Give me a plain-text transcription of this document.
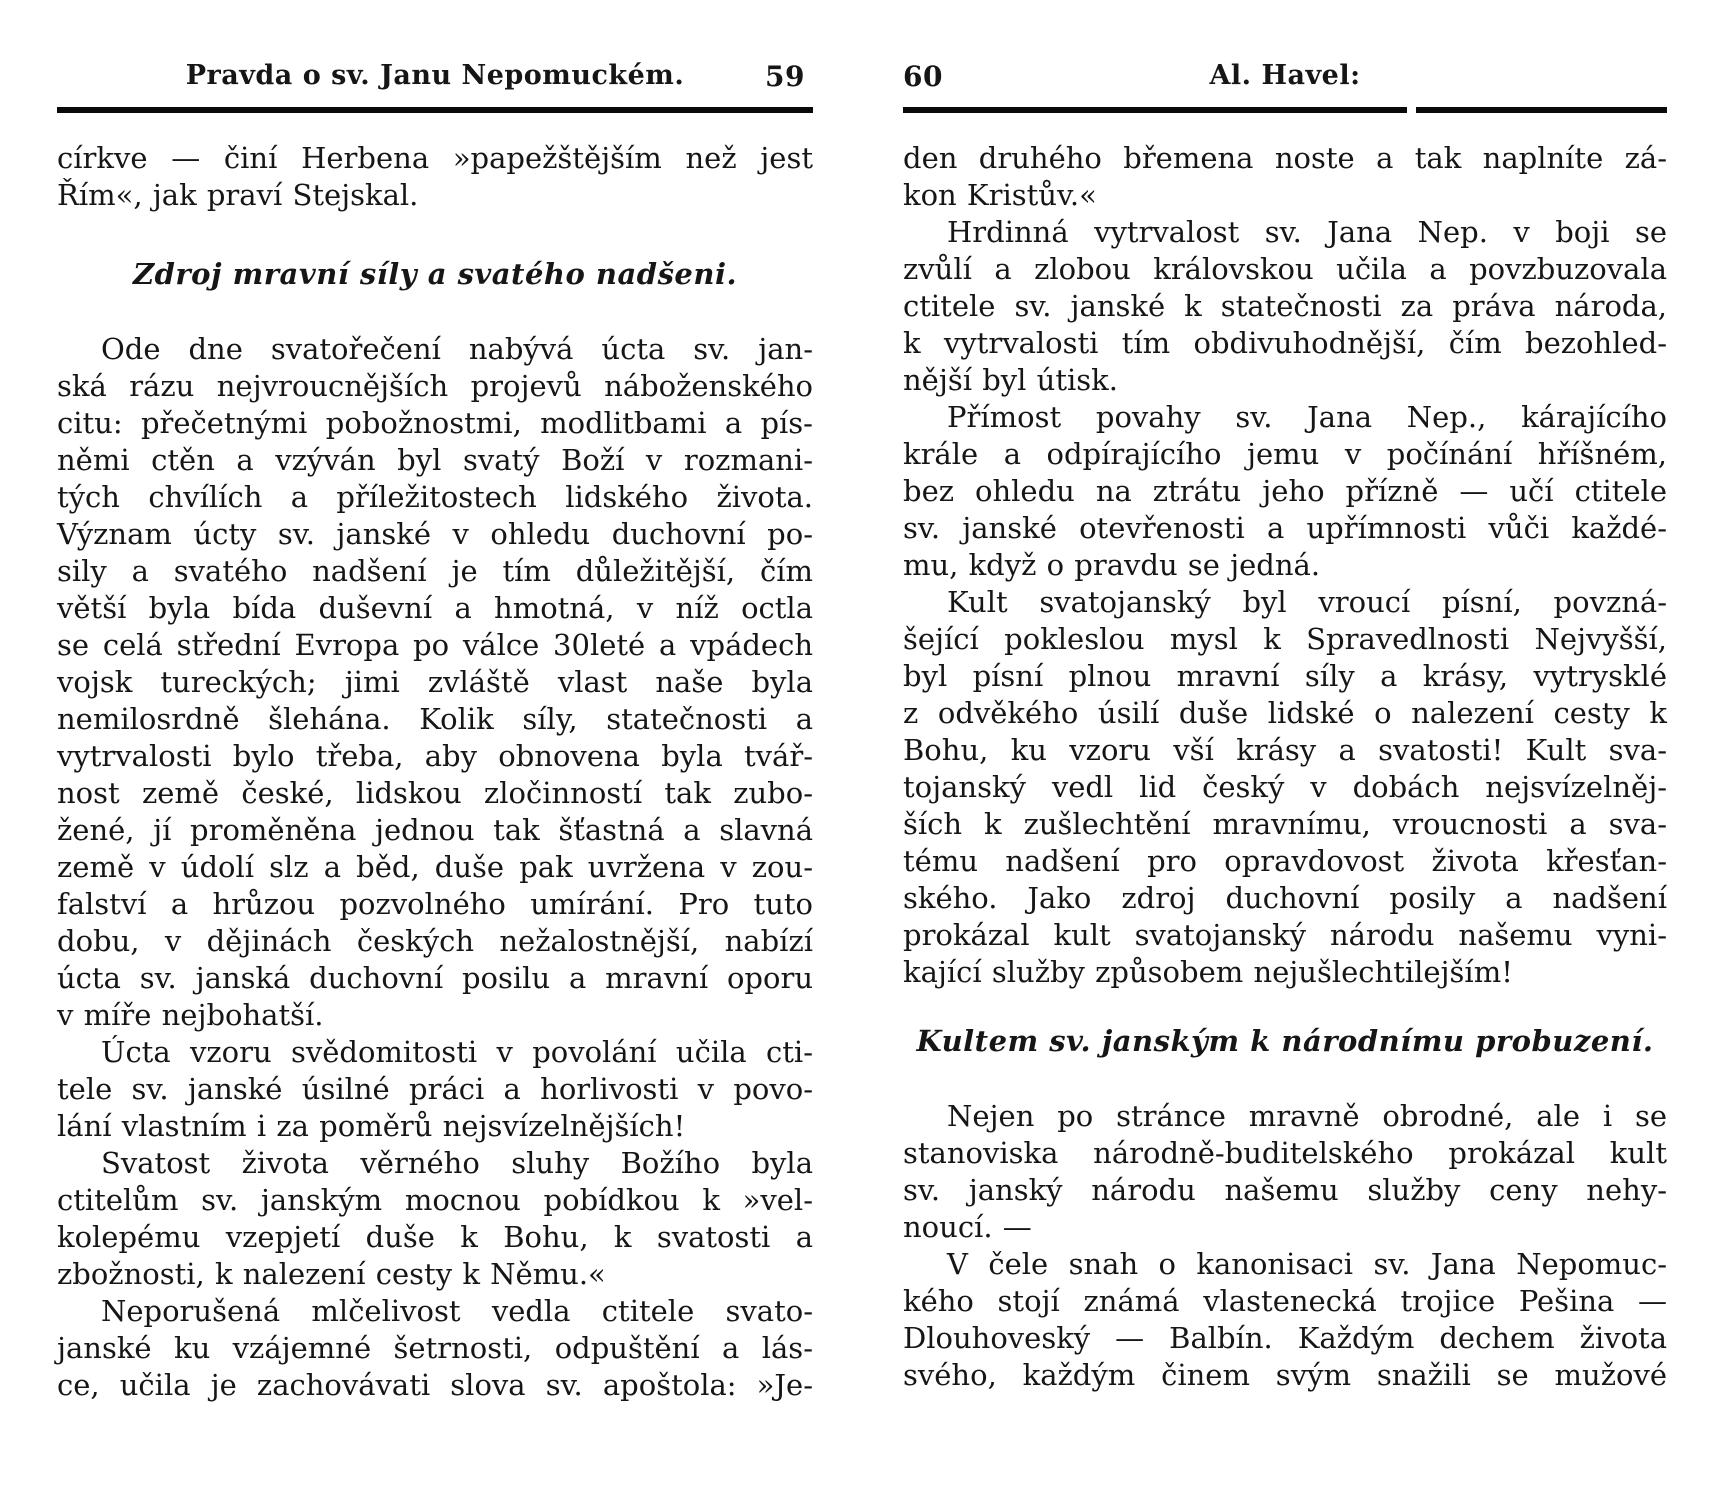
Pravda o sv. Janu Nepomuckém.	59
církve — činí Herbena »papežštějším než jest
Řím«, jak praví Stejskal.
Zdroj mravní síly a svatého nadšeni.
Ode dne svatořečení nabývá úcta sv. jan-
ská rázu nejvroucnějších projevů náboženského
citu: přečetnými pobožnostmi, modlitbami a pís-
němi ctěn a vzýván byl svatý Boží v rozmani-
tých chvílích a příležitostech lidského života.
Význam úcty sv. janské v ohledu duchovní po-
sily a svatého nadšení je tím důležitější, čím
větší byla bída duševní a hmotná, v níž octla
se celá střední Evropa po válce 30leté a vpádech
vojsk tureckých; jimi zvláště vlast naše byla
nemilosrdně šlehána. Kolik síly, statečnosti a
vytrvalosti bylo třeba, aby obnovena byla tvář-
nost země české, lidskou zločinností tak zubo-
žené, jí proměněna jednou tak šťastná a slavná
země v údolí slz a běd, duše pak uvržena v zou-
falství a hrůzou pozvolného umírání. Pro tuto
dobu, v dějinách českých nežalostnější, nabízí
úcta sv. janská duchovní posilu a mravní oporu
v míře nejbohatší.
Úcta vzoru svědomitosti v povolání učila cti-
tele sv. janské úsilné práci a horlivosti v povo-
lání vlastním i za poměrů nejsvízelnějších!
Svatost života věrného sluhy Božího byla
ctitelům sv. janským mocnou pobídkou k »vel-
kolepému vzepjetí duše k Bohu, k svatosti a
zbožnosti, k nalezení cesty k Němu.«
Neporušená mlčelivost vedla ctitele svato-
janské ku vzájemné šetrnosti, odpuštění a lás-
ce, učila je zachovávati slova sv. apoštola: »Je-
60	Al. Havel:
den druhého břemena noste a tak naplníte zá-
kon Kristův.«
Hrdinná vytrvalost sv. Jana Nep. v boji se
zvůlí a zlobou královskou učila a povzbuzovala
ctitele sv. janské k statečnosti za práva národa,
k vytrvalosti tím obdivuhodnější, čím bezohled-
nější byl útisk.
Přímost povahy sv. Jana Nep., kárajícího
krále a odpírajícího jemu v počínání hříšném,
bez ohledu na ztrátu jeho přízně — učí ctitele
sv. janské otevřenosti a upřímnosti vůči každé-
mu, když o pravdu se jedná.
Kult svatojanský byl vroucí písní, povzná-
šející pokleslou mysl k Spravedlnosti Nejvyšší,
byl písní plnou mravní síly a krásy, vytrysklé
z odvěkého úsilí duše lidské o nalezení cesty k
Bohu, ku vzoru vší krásy a svatosti! Kult sva-
tojanský vedl lid český v dobách nejsvízelněj-
ších k zušlechtění mravnímu, vroucnosti a sva-
tému nadšení pro opravdovost života křesťan-
ského. Jako zdroj duchovní posily a nadšení
prokázal kult svatojanský národu našemu vyni-
kající služby způsobem nejušlechtilejším!
Kultem sv. janským k národnímu probuzení.
Nejen po stránce mravně obrodné, ale i se
stanoviska národně-buditelského prokázal kult
sv. janský národu našemu služby ceny nehy-
noucí. —
V čele snah o kanonisaci sv. Jana Nepomuc-
kého stojí známá vlastenecká trojice Pešina —
Dlouhoveský — Balbín. Každým dechem života
svého, každým činem svým snažili se mužové
